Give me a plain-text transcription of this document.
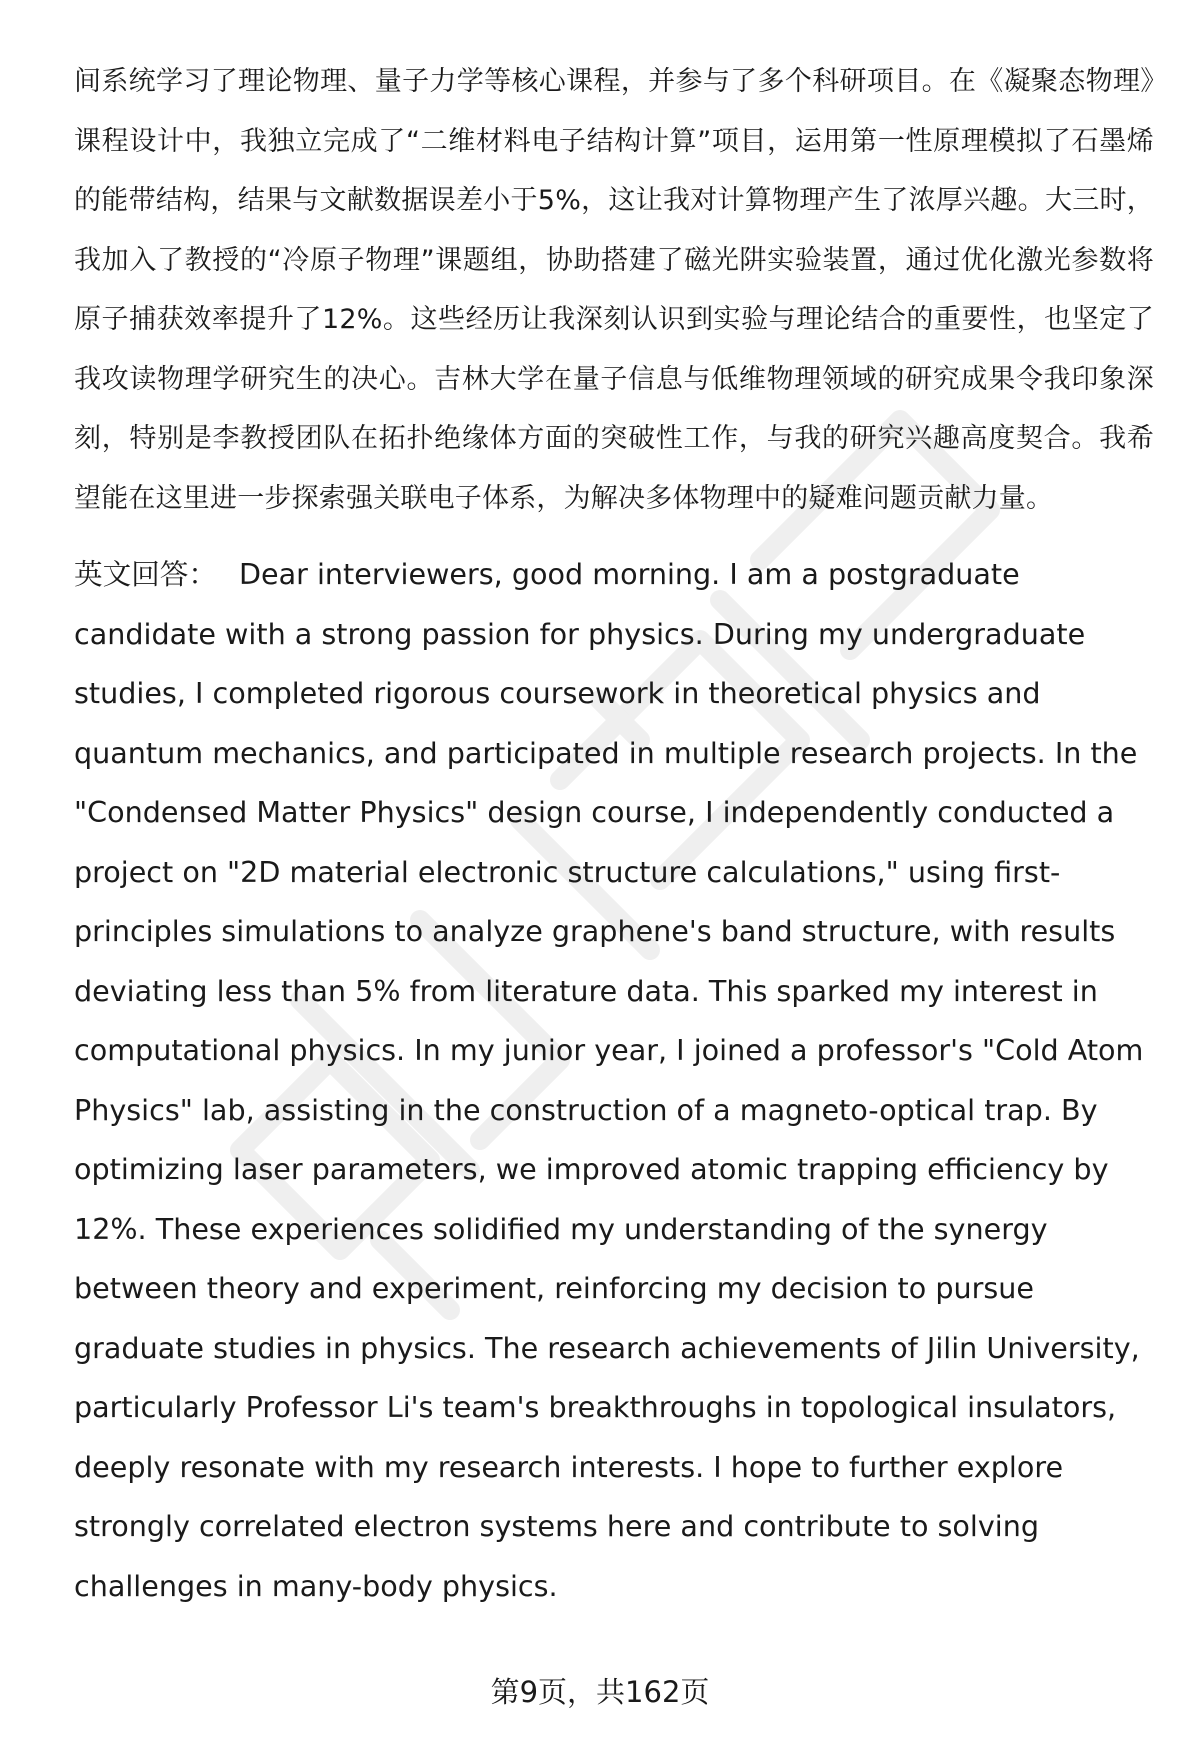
间系统学习了理论物理、量子力学等核心课程，并参与了多个科研项目。在《凝聚态物理》课程设计中，我独立完成了“二维材料电子结构计算”项目，运用第一性原理模拟了石墨烯的能带结构，结果与文献数据误差小于5%，这让我对计算物理产生了浓厚兴趣。大三时，我加入了教授的“冷原子物理”课题组，协助搭建了磁光阱实验装置，通过优化激光参数将原子捕获效率提升了12%。这些经历让我深刻认识到实验与理论结合的重要性，也坚定了我攻读物理学研究生的决心。吉林大学在量子信息与低维物理领域的研究成果令我印象深刻，特别是李教授团队在拓扑绝缘体方面的突破性工作，与我的研究兴趣高度契合。我希望能在这里进一步探索强关联电子体系，为解决多体物理中的疑难问题贡献力量。

英文回答： Dear interviewers, good morning. I am a postgraduate candidate with a strong passion for physics. During my undergraduate studies, I completed rigorous coursework in theoretical physics and quantum mechanics, and participated in multiple research projects. In the "Condensed Matter Physics" design course, I independently conducted a project on "2D material electronic structure calculations," using first-principles simulations to analyze graphene's band structure, with results deviating less than 5% from literature data. This sparked my interest in computational physics. In my junior year, I joined a professor's "Cold Atom Physics" lab, assisting in the construction of a magneto-optical trap. By optimizing laser parameters, we improved atomic trapping efficiency by 12%. These experiences solidified my understanding of the synergy between theory and experiment, reinforcing my decision to pursue graduate studies in physics. The research achievements of Jilin University, particularly Professor Li's team's breakthroughs in topological insulators, deeply resonate with my research interests. I hope to further explore strongly correlated electron systems here and contribute to solving challenges in many-body physics.

第9页，共162页
